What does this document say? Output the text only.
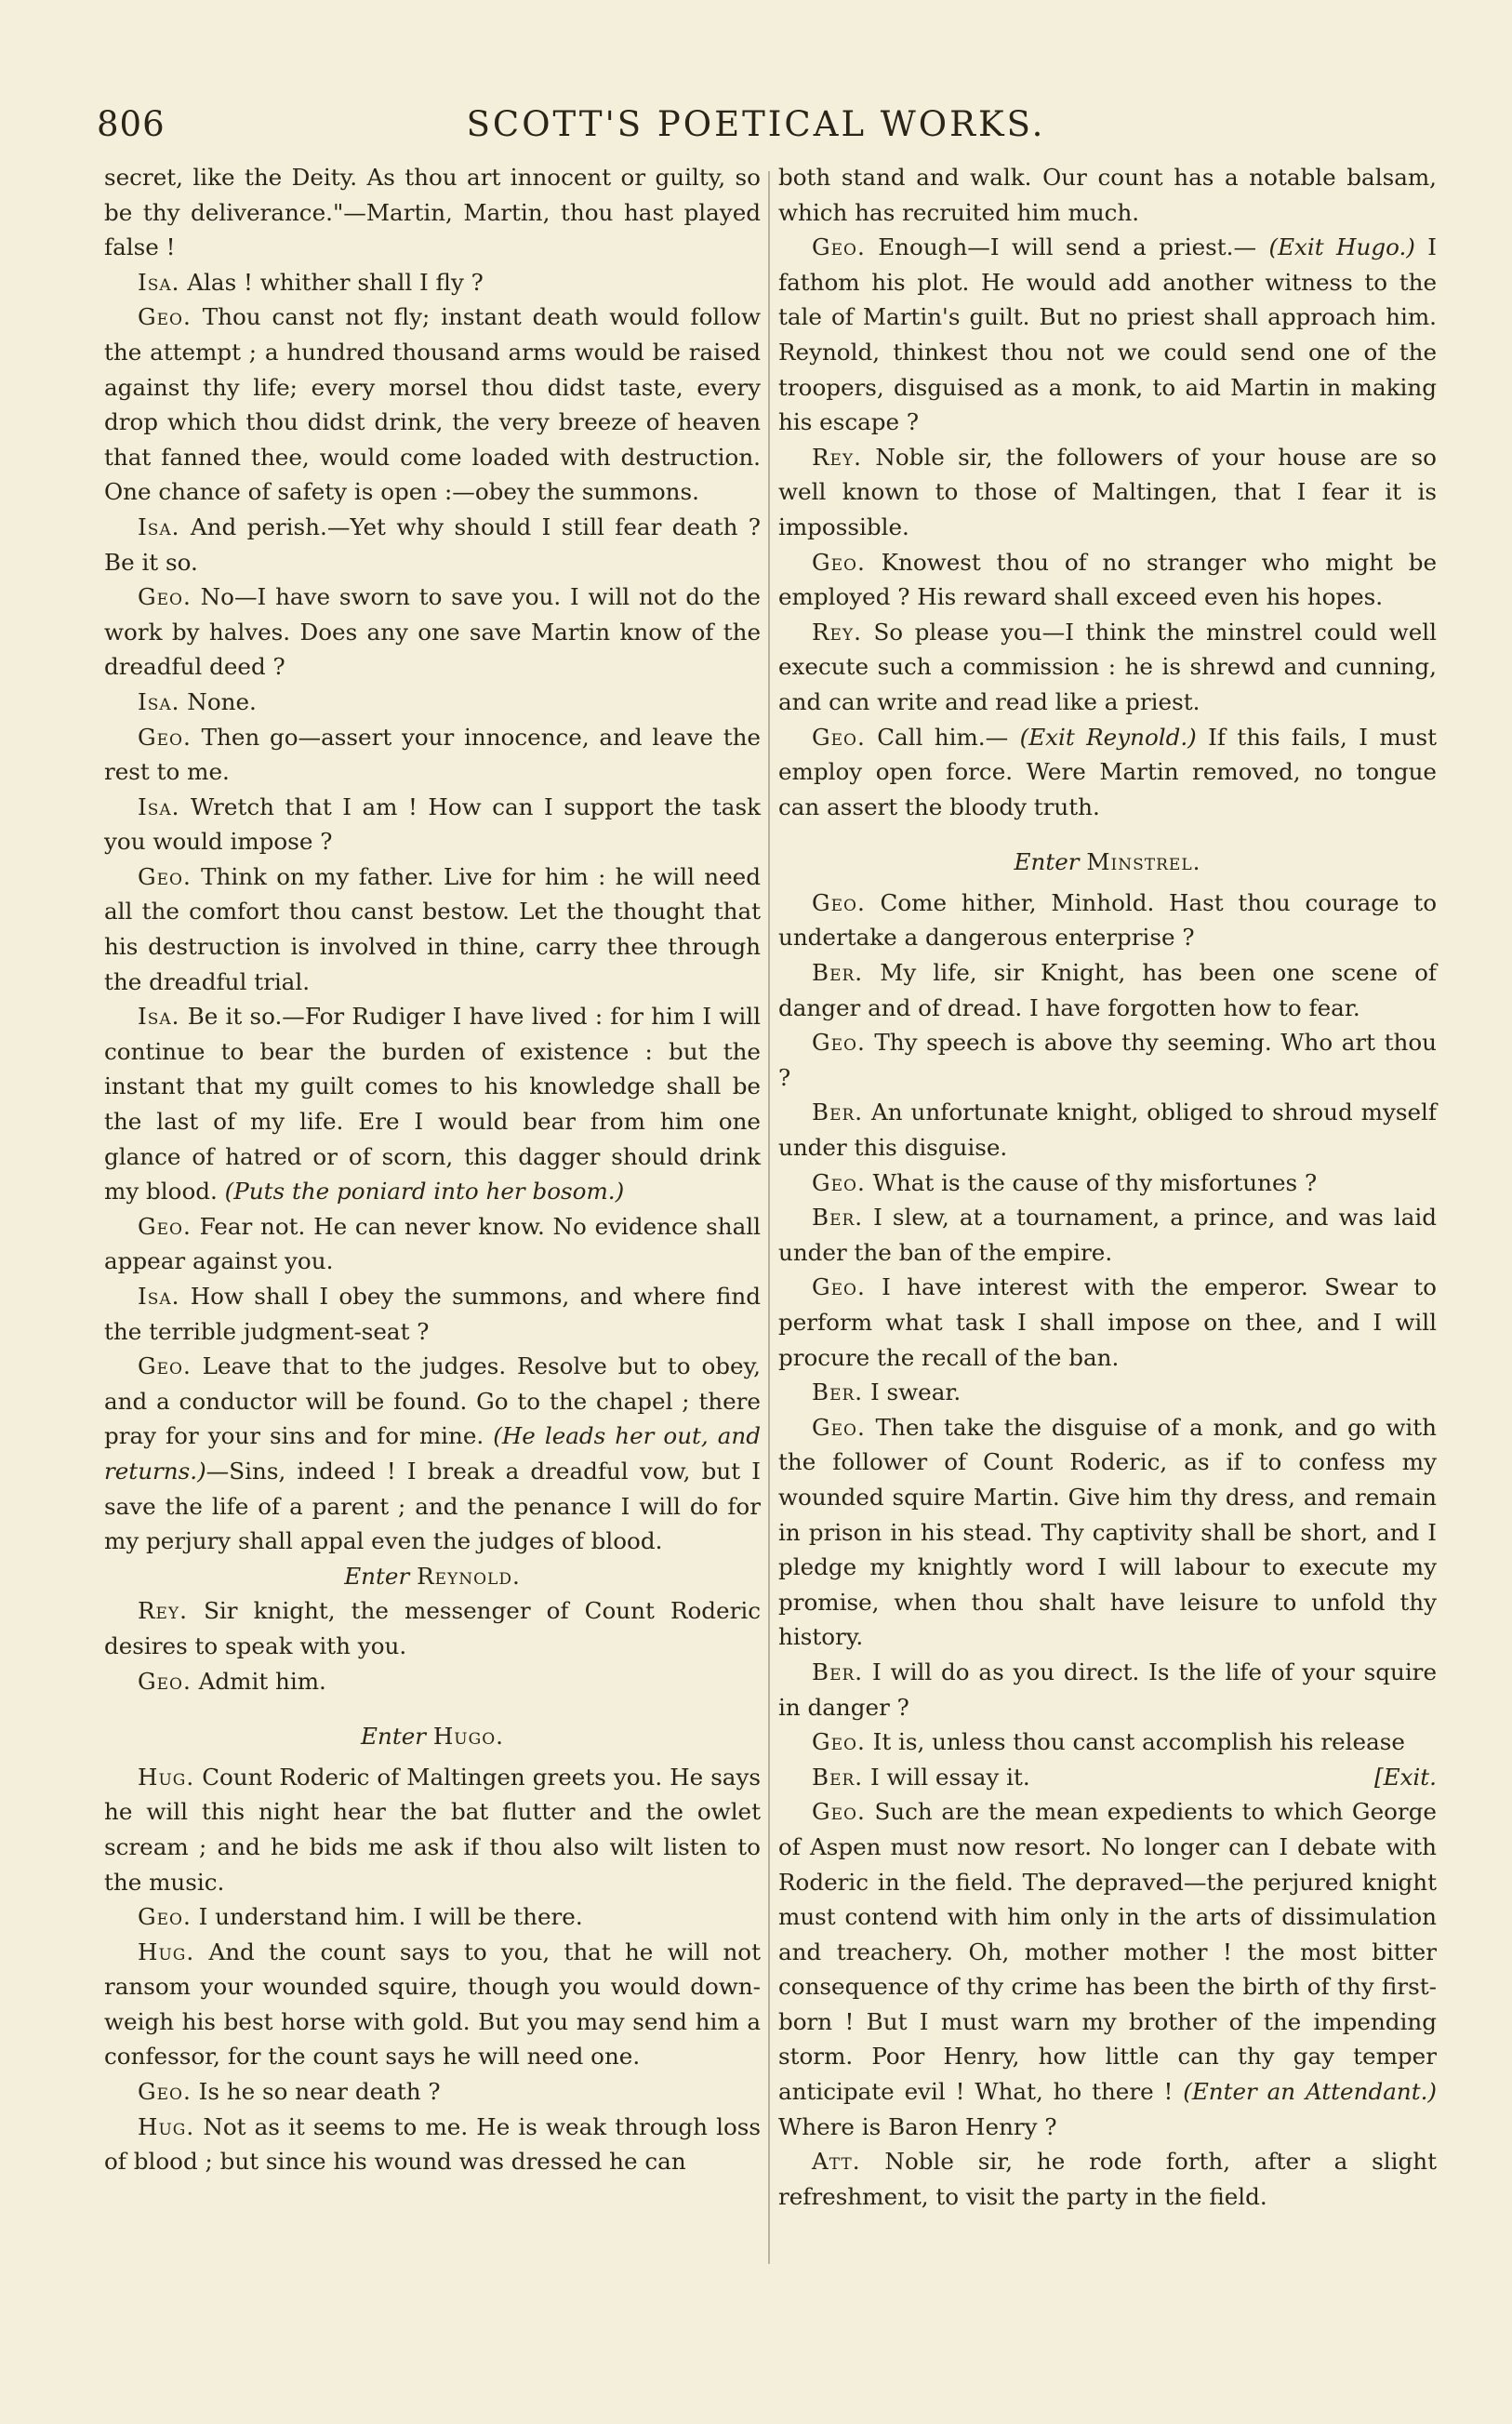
806	SCOTT'S POETICAL WORKS.

secret, like the Deity. As thou art innocent or guilty, so be thy deliverance."—Martin, Martin, thou hast played false !

Isa. Alas ! whither shall I fly ?

Geo. Thou canst not fly; instant death would follow the attempt ; a hundred thousand arms would be raised against thy life; every morsel thou didst taste, every drop which thou didst drink, the very breeze of heaven that fanned thee, would come loaded with destruction. One chance of safety is open :—obey the summons.

Isa. And perish.—Yet why should I still fear death ? Be it so.

Geo. No—I have sworn to save you. I will not do the work by halves. Does any one save Martin know of the dreadful deed ?

Isa. None.

Geo. Then go—assert your innocence, and leave the rest to me.

Isa. Wretch that I am ! How can I support the task you would impose ?

Geo. Think on my father. Live for him : he will need all the comfort thou canst bestow. Let the thought that his destruction is involved in thine, carry thee through the dreadful trial.

Isa. Be it so.—For Rudiger I have lived : for him I will continue to bear the burden of existence : but the instant that my guilt comes to his knowledge shall be the last of my life. Ere I would bear from him one glance of hatred or of scorn, this dagger should drink my blood. (Puts the poniard into her bosom.)

Geo. Fear not. He can never know. No evidence shall appear against you.

Isa. How shall I obey the summons, and where find the terrible judgment-seat ?

Geo. Leave that to the judges. Resolve but to obey, and a conductor will be found. Go to the chapel ; there pray for your sins and for mine. (He leads her out, and returns.)—Sins, indeed ! I break a dreadful vow, but I save the life of a parent ; and the penance I will do for my perjury shall appal even the judges of blood.

Enter Reynold.

Rey. Sir knight, the messenger of Count Roderic desires to speak with you.

Geo. Admit him.

Enter Hugo.

Hug. Count Roderic of Maltingen greets you. He says he will this night hear the bat flutter and the owlet scream ; and he bids me ask if thou also wilt listen to the music.

Geo. I understand him. I will be there.

Hug. And the count says to you, that he will not ransom your wounded squire, though you would down-weigh his best horse with gold. But you may send him a confessor, for the count says he will need one.

Geo. Is he so near death ?

Hug. Not as it seems to me. He is weak through loss of blood ; but since his wound was dressed he can

both stand and walk. Our count has a notable balsam, which has recruited him much.

Geo. Enough—I will send a priest.— (Exit Hugo.) I fathom his plot. He would add another witness to the tale of Martin's guilt. But no priest shall approach him. Reynold, thinkest thou not we could send one of the troopers, disguised as a monk, to aid Martin in making his escape ?

Rey. Noble sir, the followers of your house are so well known to those of Maltingen, that I fear it is impossible.

Geo. Knowest thou of no stranger who might be employed ? His reward shall exceed even his hopes.

Rey. So please you—I think the minstrel could well execute such a commission : he is shrewd and cunning, and can write and read like a priest.

Geo. Call him.— (Exit Reynold.) If this fails, I must employ open force. Were Martin removed, no tongue can assert the bloody truth.

Enter Minstrel.

Geo. Come hither, Minhold. Hast thou courage to undertake a dangerous enterprise ?

Ber. My life, sir Knight, has been one scene of danger and of dread. I have forgotten how to fear.

Geo. Thy speech is above thy seeming. Who art thou ?

Ber. An unfortunate knight, obliged to shroud myself under this disguise.

Geo. What is the cause of thy misfortunes ?

Ber. I slew, at a tournament, a prince, and was laid under the ban of the empire.

Geo. I have interest with the emperor. Swear to perform what task I shall impose on thee, and I will procure the recall of the ban.

Ber. I swear.

Geo. Then take the disguise of a monk, and go with the follower of Count Roderic, as if to confess my wounded squire Martin. Give him thy dress, and remain in prison in his stead. Thy captivity shall be short, and I pledge my knightly word I will labour to execute my promise, when thou shalt have leisure to unfold thy history.

Ber. I will do as you direct. Is the life of your squire in danger ?

Geo. It is, unless thou canst accomplish his release

Ber.	[Exit.
I will essay it.

Geo. Such are the mean expedients to which George of Aspen must now resort. No longer can I debate with Roderic in the field. The depraved—the perjured knight must contend with him only in the arts of dissimulation and treachery. Oh, mother mother ! the most bitter consequence of thy crime has been the birth of thy first-born ! But I must warn my brother of the impending storm. Poor Henry, how little can thy gay temper anticipate evil ! What, ho there ! (Enter an Attendant.) Where is Baron Henry ?

Att. Noble sir, he rode forth, after a slight refreshment, to visit the party in the field.
